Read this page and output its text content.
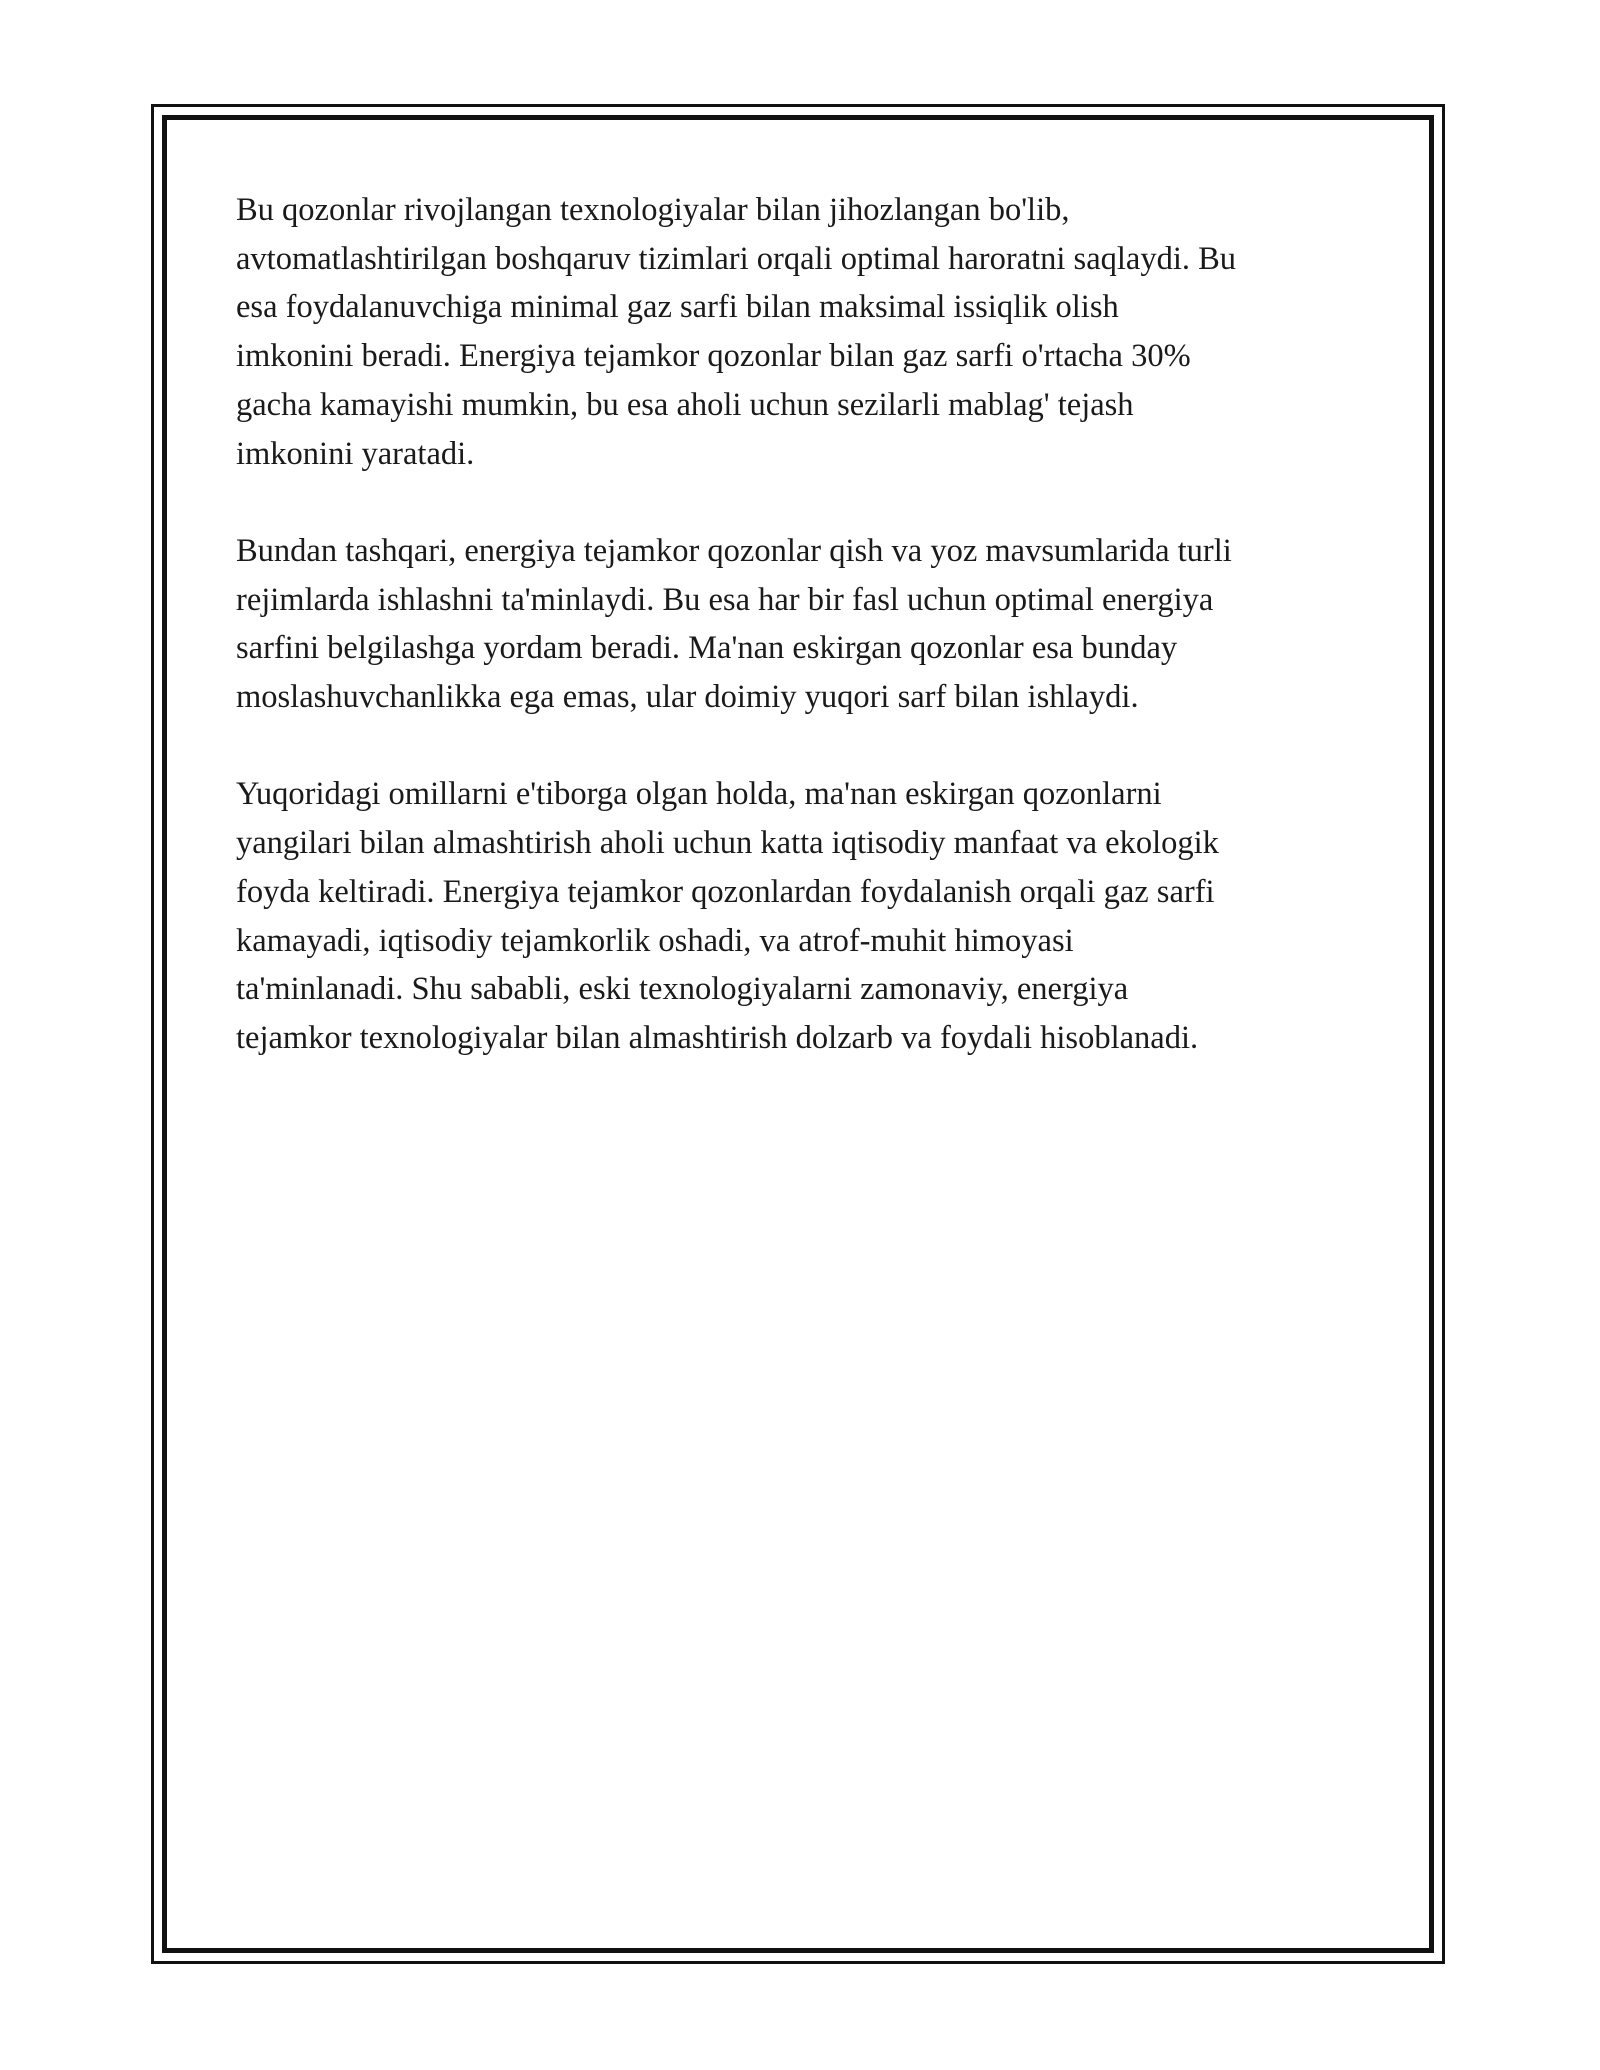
Bu qozonlar rivojlangan texnologiyalar bilan jihozlangan bo'lib,
avtomatlashtirilgan boshqaruv tizimlari orqali optimal haroratni saqlaydi. Bu
esa foydalanuvchiga minimal gaz sarfi bilan maksimal issiqlik olish
imkonini beradi. Energiya tejamkor qozonlar bilan gaz sarfi o'rtacha 30%
gacha kamayishi mumkin, bu esa aholi uchun sezilarli mablag' tejash
imkonini yaratadi.

Bundan tashqari, energiya tejamkor qozonlar qish va yoz mavsumlarida turli
rejimlarda ishlashni ta'minlaydi. Bu esa har bir fasl uchun optimal energiya
sarfini belgilashga yordam beradi. Ma'nan eskirgan qozonlar esa bunday
moslashuvchanlikka ega emas, ular doimiy yuqori sarf bilan ishlaydi.

Yuqoridagi omillarni e'tiborga olgan holda, ma'nan eskirgan qozonlarni
yangilari bilan almashtirish aholi uchun katta iqtisodiy manfaat va ekologik
foyda keltiradi. Energiya tejamkor qozonlardan foydalanish orqali gaz sarfi
kamayadi, iqtisodiy tejamkorlik oshadi, va atrof-muhit himoyasi
ta'minlanadi. Shu sababli, eski texnologiyalarni zamonaviy, energiya
tejamkor texnologiyalar bilan almashtirish dolzarb va foydali hisoblanadi.
